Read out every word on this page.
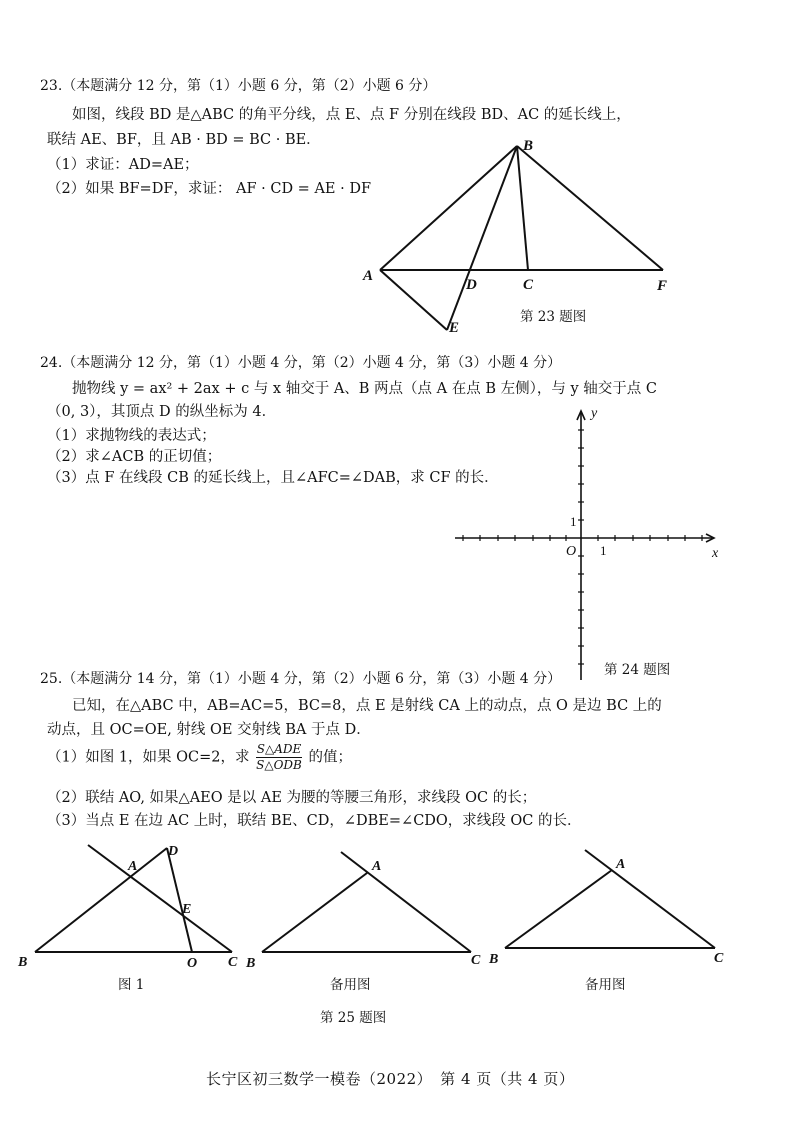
23.（本题满分 12 分，第（1）小题 6 分，第（2）小题 6 分）
如图，线段 BD 是△ABC 的角平分线，点 E、点 F 分别在线段 BD、AC 的延长线上，
联结 AE、BF，且 AB · BD = BC · BE．
（1）求证：AD=AE；
（2）如果 BF=DF，求证： AF · CD = AE · DF
A
B
C
D
E
F
第 23 题图
24.（本题满分 12 分，第（1）小题 4 分，第（2）小题 4 分，第（3）小题 4 分）
抛物线 y = ax² + 2ax + c 与 x 轴交于 A、B 两点（点 A 在点 B 左侧），与 y 轴交于点 C
（0, 3），其顶点 D 的纵坐标为 4．
（1）求抛物线的表达式；
（2）求∠ACB 的正切值；
（3）点 F 在线段 CB 的延长线上，且∠AFC=∠DAB，求 CF 的长．
x
y
O 1
1
第 24 题图
25.（本题满分 14 分，第（1）小题 4 分，第（2）小题 6 分，第（3）小题 4 分）
已知，在△ABC 中，AB=AC=5，BC=8，点 E 是射线 CA 上的动点，点 O 是边 BC 上的
动点，且 OC=OE, 射线 OE 交射线 BA 于点 D．
（1）如图 1，如果 OC=2，求 $\frac{\text{S△ADE}}{\text{S△ODB}}$ 的值；
（2）联结 AO, 如果△AEO 是以 AE 为腰的等腰三角形，求线段 OC 的长；
（3）当点 E 在边 AC 上时，联结 BE、CD，∠DBE=∠CDO，求线段 OC 的长．
B	C
A
D
E
O	B	C
A
B	C
A
图 1	备用图	备用图
第 25 题图
长宁区初三数学一模卷（2022）　第 4 页（共 4 页）
